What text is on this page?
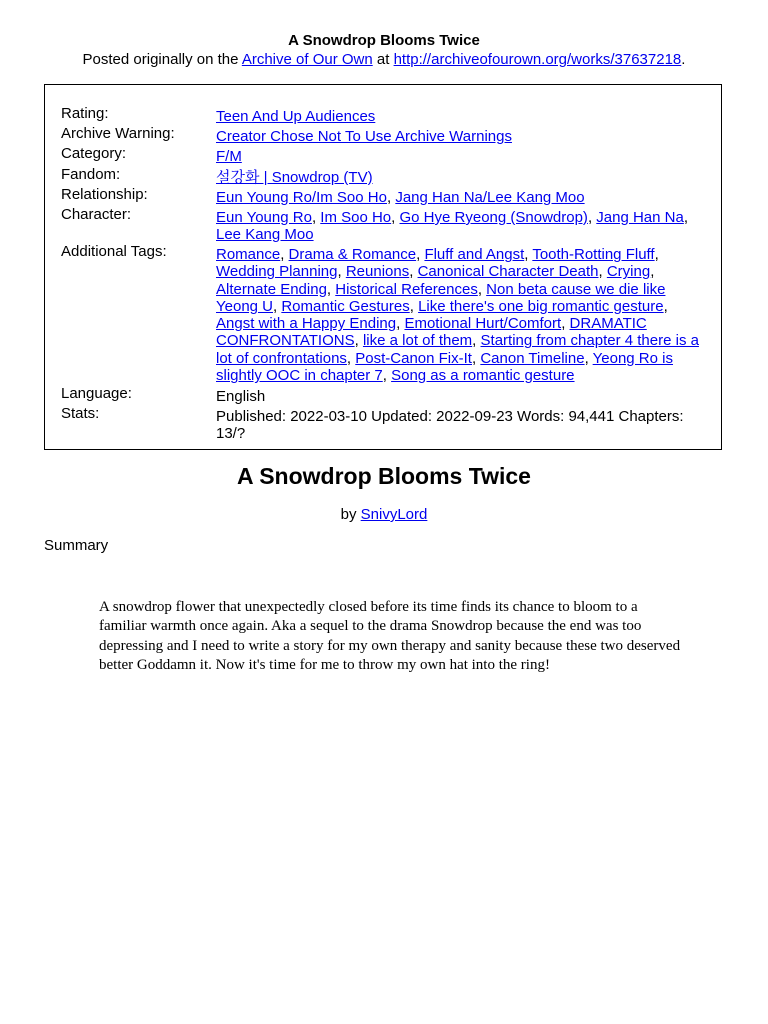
A Snowdrop Blooms Twice
Posted originally on the Archive of Our Own at http://archiveofourown.org/works/37637218.
Rating:	Teen And Up Audiences
Archive Warning:	Creator Chose Not To Use Archive Warnings
Category:	F/M
Fandom:	설강화 | Snowdrop (TV)
Relationship:	Eun Young Ro/Im Soo Ho, Jang Han Na/Lee Kang Moo
Character:	Eun Young Ro, Im Soo Ho, Go Hye Ryeong (Snowdrop), Jang Han Na, Lee Kang Moo
Additional Tags:	Romance, Drama & Romance, Fluff and Angst, Tooth-Rotting Fluff, Wedding Planning, Reunions, Canonical Character Death, Crying, Alternate Ending, Historical References, Non beta cause we die like Yeong U, Romantic Gestures, Like there's one big romantic gesture, Angst with a Happy Ending, Emotional Hurt/Comfort, DRAMATIC CONFRONTATIONS, like a lot of them, Starting from chapter 4 there is a lot of confrontations, Post-Canon Fix-It, Canon Timeline, Yeong Ro is slightly OOC in chapter 7, Song as a romantic gesture
Language:	English
Stats:	Published: 2022-03-10 Updated: 2022-09-23 Words: 94,441 Chapters: 13/?
A Snowdrop Blooms Twice
by SnivyLord
Summary
A snowdrop flower that unexpectedly closed before its time finds its chance to bloom to a familiar warmth once again. Aka a sequel to the drama Snowdrop because the end was too depressing and I need to write a story for my own therapy and sanity because these two deserved better Goddamn it. Now it's time for me to throw my own hat into the ring!
